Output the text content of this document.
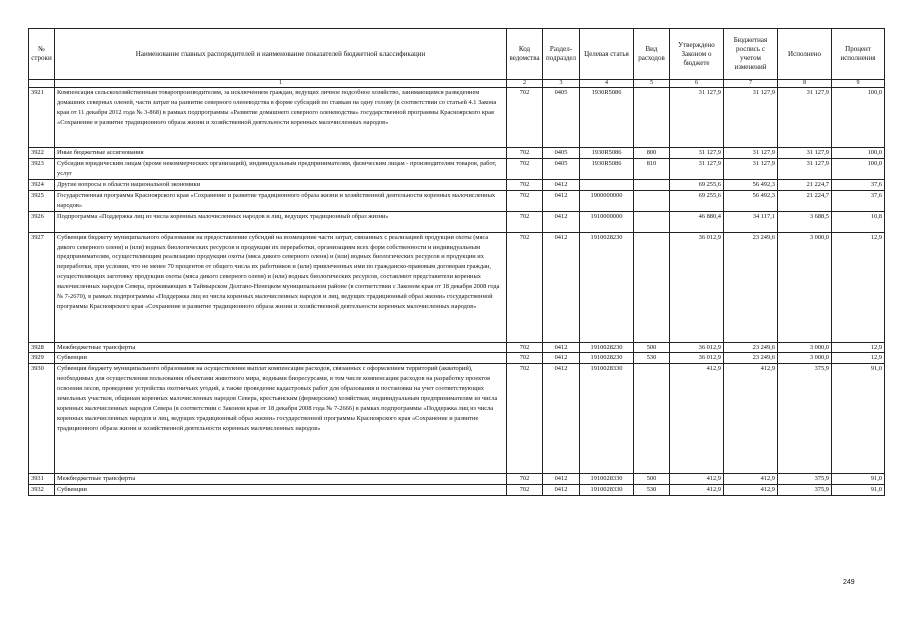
№ строки	Наименование главных распорядителей и наименование показателей бюджетной классификации	Код ведомства	Раздел-подраздел	Целевая статья	Вид расходов	Утверждено Законом о бюджете	Бюджетная роспись с учетом изменений	Исполнено	Процент исполнения
	1	2	3	4	5	6	7	8	9
3921	Компенсация сельскохозяйственным товаропроизводителям, за исключением граждан, ведущих личное подсобное хозяйство, занимающимся разведением домашних северных оленей, части затрат на развитие северного оленеводства в форме субсидий по ставкам на одну голову (в соответствии со статьей 4.1 Закона края от 11 декабря 2012 года № 3-868) в рамках подпрограммы «Развитие домашнего северного оленеводства» государственной программы Красноярского края «Сохранение и развитие традиционного образа жизни и хозяйственной деятельности коренных малочисленных народов»	702	0405	1930R5086		31 127,9	31 127,9	31 127,9	100,0
3922	Иные бюджетные ассигнования	702	0405	1930R5086	800	31 127,9	31 127,9	31 127,9	100,0
3923	Субсидии юридическим лицам (кроме некоммерческих организаций), индивидуальным предпринимателям, физическим лицам - производителям товаров, работ, услуг	702	0405	1930R5086	810	31 127,9	31 127,9	31 127,9	100,0
3924	Другие вопросы в области национальной экономики	702	0412			69 255,6	56 492,3	21 224,7	37,6
3925	Государственная программа Красноярского края «Сохранение и развитие традиционного образа жизни и хозяйственной деятельности коренных малочисленных народов»	702	0412	1900000000		69 255,6	56 492,3	21 224,7	37,6
3926	Подпрограмма «Поддержка лиц из числа коренных малочисленных народов и лиц, ведущих традиционный образ жизни»	702	0412	1910000000		46 880,4	34 117,1	3 688,5	10,8
3927	Субвенция бюджету муниципального образования на предоставление субсидий на возмещение части затрат, связанных с реализацией продукции охоты (мяса дикого северного оленя) и (или) водных биологических ресурсов и продукции их переработки, организациям всех форм собственности и индивидуальным предпринимателям, осуществляющим реализацию продукции охоты (мяса дикого северного оленя) и (или) водных биологических ресурсов и продукции их переработки, при условии, что не менее 70 процентов от общего числа их работников и (или) привлеченных ими по гражданско-правовым договорам граждан, осуществляющих заготовку продукции охоты (мяса дикого северного оленя) и (или) водных биологических ресурсов, составляют представители коренных малочисленных народов Севера, проживающих в Таймырском Долгано-Ненецком муниципальном районе (в соответствии с Законом края от 18 декабря 2008 года № 7-2670), в рамках подпрограммы «Поддержка лиц из числа коренных малочисленных народов и лиц, ведущих традиционный образ жизни» государственной программы Красноярского края «Сохранение и развитие традиционного образа жизни и хозяйственной деятельности коренных малочисленных народов»	702	0412	1910028230		36 012,9	23 249,6	3 000,0	12,9
3928	Межбюджетные трансферты	702	0412	1910028230	500	36 012,9	23 249,6	3 000,0	12,9
3929	Субвенции	702	0412	1910028230	530	36 012,9	23 249,6	3 000,0	12,9
3930	Субвенция бюджету муниципального образования на осуществление выплат компенсации расходов, связанных с оформлением территорий (акваторий), необходимых для осуществления пользования объектами животного мира, водными биоресурсами, в том числе компенсации расходов на разработку проектов освоения лесов, проведение устройства охотничьих угодий, а также проведение кадастровых работ для образования и постановки на учет соответствующих земельных участков, общинам коренных малочисленных народов Севера, крестьянским (фермерским) хозяйствам, индивидуальным предпринимателям из числа коренных малочисленных народов Севера (в соответствии с Законом края от 18 декабря 2008 года № 7-2666) в рамках подпрограммы «Поддержка лиц из числа коренных малочисленных народов и лиц, ведущих традиционный образ жизни» государственной программы Красноярского края «Сохранение и развитие традиционного образа жизни и хозяйственной деятельности коренных малочисленных народов»	702	0412	1910028330		412,9	412,9	375,9	91,0
3931	Межбюджетные трансферты	702	0412	1910028330	500	412,9	412,9	375,9	91,0
3932	Субвенции	702	0412	1910028330	530	412,9	412,9	375,9	91,0
249
